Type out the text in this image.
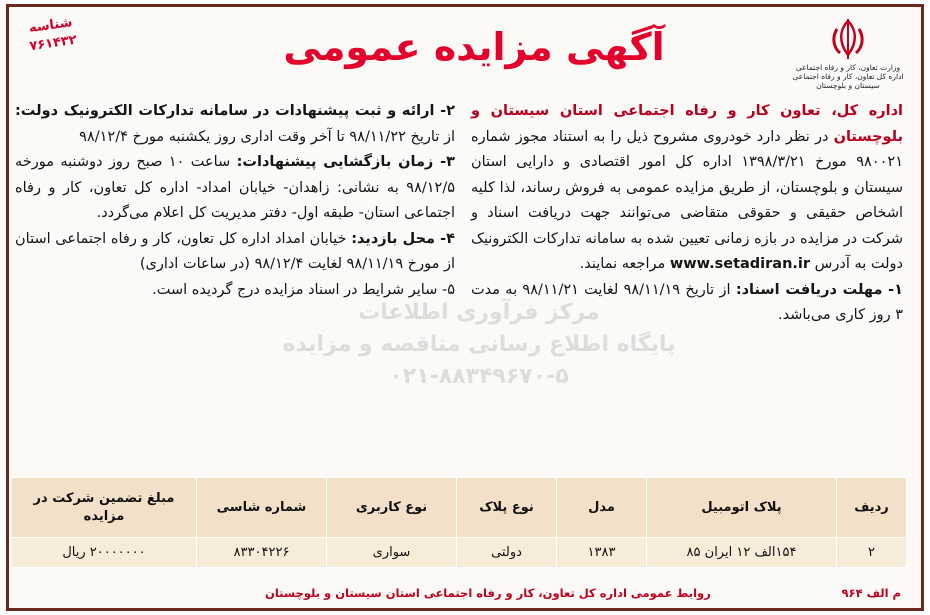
وزارت تعاون، کار و رفاه اجتماعی
اداره کل تعاون، کار و رفاه اجتماعی
سیستان و بلوچستان
آگهی مزایده عمومی
شناسه
۷۶۱۴۳۲

اداره کل، تعاون کار و رفاه اجتماعی استان سیستان و بلوچستان در نظر دارد خودروی مشروح ذیل را به استناد مجوز شماره ۹۸۰۰۲۱ مورخ ۱۳۹۸/۳/۲۱ اداره کل امور اقتصادی و دارایی استان سیستان و بلوچستان، از طریق مزایده عمومی به فروش رساند، لذا کلیه اشخاص حقیقی و حقوقی متقاضی می‌توانند جهت دریافت اسناد و شرکت در مزایده در بازه زمانی تعیین شده به سامانه تدارکات الکترونیک دولت به آدرس www.setadiran.ir مراجعه نمایند.

۱- مهلت دریافت اسناد: از تاریخ ۹۸/۱۱/۱۹ لغایت ۹۸/۱۱/۲۱ به مدت ۳ روز کاری می‌باشد.

۲- ارائه و ثبت پیشنهادات در سامانه تدارکات الکترونیک دولت: از تاریخ ۹۸/۱۱/۲۲ تا آخر وقت اداری روز یکشنبه مورخ ۹۸/۱۲/۴

۳- زمان بازگشایی پیشنهادات: ساعت ۱۰ صبح روز دوشنبه مورخه ۹۸/۱۲/۵ به نشانی: زاهدان- خیابان امداد- اداره کل تعاون، کار و رفاه اجتماعی استان- طبقه اول- دفتر مدیریت کل اعلام می‌گردد.

۴- محل بازدید: خیابان امداد اداره کل تعاون، کار و رفاه اجتماعی استان از مورخ ۹۸/۱۱/۱۹ لغایت ۹۸/۱۲/۴ (در ساعات اداری)

۵- سایر شرایط در اسناد مزایده درج گردیده است.

مرکز فرآوری اطلاعات
پایگاه اطلاع رسانی مناقصه و مزایده
۰۲۱-۸۸۳۴۹۶۷۰-۵
ردیف	پلاک اتومبیل	مدل	نوع پلاک	نوع کاربری	شماره شاسی	مبلغ تضمین شرکت در مزایده
۲	۱۵۴الف ۱۲ ایران ۸۵	۱۳۸۳	دولتی	سواری	۸۳۳۰۴۲۲۶	۲۰۰۰۰۰۰۰ ریال
م الف ۹۶۴
روابط عمومی اداره کل تعاون، کار و رفاه اجتماعی استان سیستان و بلوچستان
